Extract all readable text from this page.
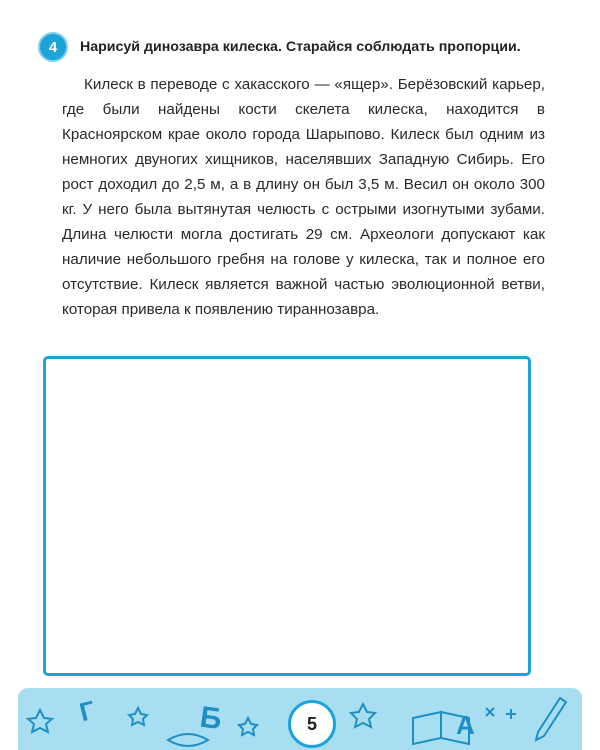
4	Нарисуй динозавра килеска. Старайся соблюдать пропорции.

Килеск в переводе с хакасского — «ящер». Берёзовский карьер, где были найдены кости скелета килеска, находится в Красноярском крае около города Шарыпово. Килеск был одним из немногих двуногих хищников, населявших Западную Сибирь. Его рост доходил до 2,5 м, а в длину он был 3,5 м. Весил он около 300 кг. У него была вытянутая челюсть с острыми изогнутыми зубами. Длина челюсти могла достигать 29 см. Археологи допускают как наличие небольшого гребня на голове у килеска, так и полное его отсутствие. Килеск является важной частью эволюционной ветви, которая привела к появлению тираннозавра.

Г	Б	А
5
